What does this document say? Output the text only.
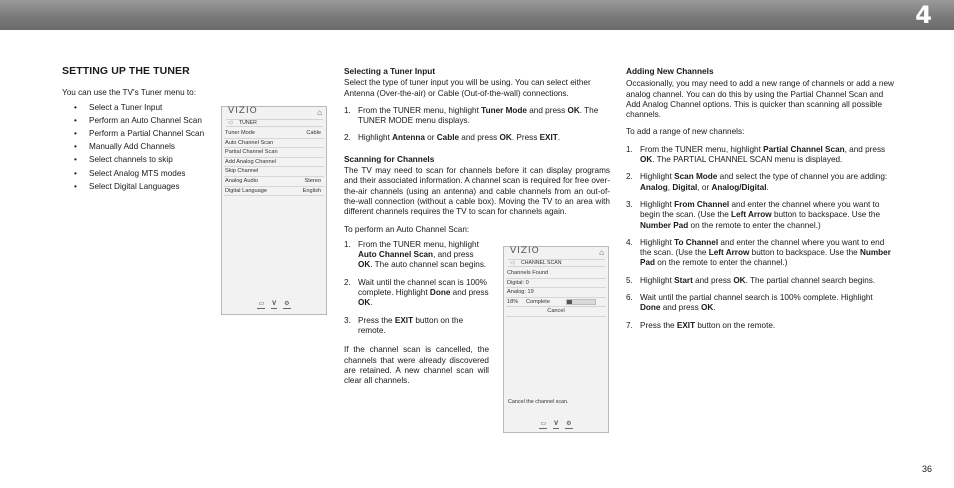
4
SETTING UP THE TUNER

You can use the TV's Tuner menu to:

• Select a Tuner Input
• Perform an Auto Channel Scan
• Perform a Partial Channel Scan
• Manually Add Channels
• Select channels to skip
• Select Analog MTS modes
• Select Digital Languages
VIZIO	⌂
◁ TUNER
Tuner Mode	Cable
Auto Channel Scan
Partial Channel Scan
Add Analog Channel
Skip Channel
Analog Audio	Stereo
Digital Language	English
▭ V ⚙
Selecting a Tuner Input

Select the type of tuner input you will be using. You can select either Antenna (Over-the-air) or Cable (Out-of-the-wall) connections.

1. From the TUNER menu, highlight Tuner Mode and press OK. The TUNER MODE menu displays.
2. Highlight Antenna or Cable and press OK. Press EXIT.
Scanning for Channels

The TV may need to scan for channels before it can display programs and their associated information. A channel scan is required for free over-the-air channels (using an antenna) and cable channels from an out-of-the-wall connection (without a cable box). Moving the TV to an area with different channels requires the TV to scan for channels again.

To perform an Auto Channel Scan:

1. From the TUNER menu, highlight Auto Channel Scan, and press OK. The auto channel scan begins.
2. Wait until the channel scan is 100% complete. Highlight Done and press OK.
3. Press the EXIT button on the remote.

If the channel scan is cancelled, the channels that were already discovered are retained. A new channel scan will clear all channels.

VIZIO	⌂
◁ CHANNEL SCAN
Channels Found
Digital: 0
Analog: 19
18% Complete
Cancel
Cancel the channel scan.
▭ V ⚙
Adding New Channels

Occasionally, you may need to add a new range of channels or add a new analog channel. You can do this by using the Partial Channel Scan and Add Analog Channel options. This is quicker than scanning all possible channels.

To add a range of new channels:

1. From the TUNER menu, highlight Partial Channel Scan, and press OK. The PARTIAL CHANNEL SCAN menu is displayed.
2. Highlight Scan Mode and select the type of channel you are adding: Analog, Digital, or Analog/Digital.
3. Highlight From Channel and enter the channel where you want to begin the scan. (Use the Left Arrow button to backspace. Use the Number Pad on the remote to enter the channel.)
4. Highlight To Channel and enter the channel where you want to end the scan. (Use the Left Arrow button to backspace. Use the Number Pad on the remote to enter the channel.)
5. Highlight Start and press OK. The partial channel search begins.
6. Wait until the partial channel search is 100% complete. Highlight Done and press OK.
7. Press the EXIT button on the remote.
36
